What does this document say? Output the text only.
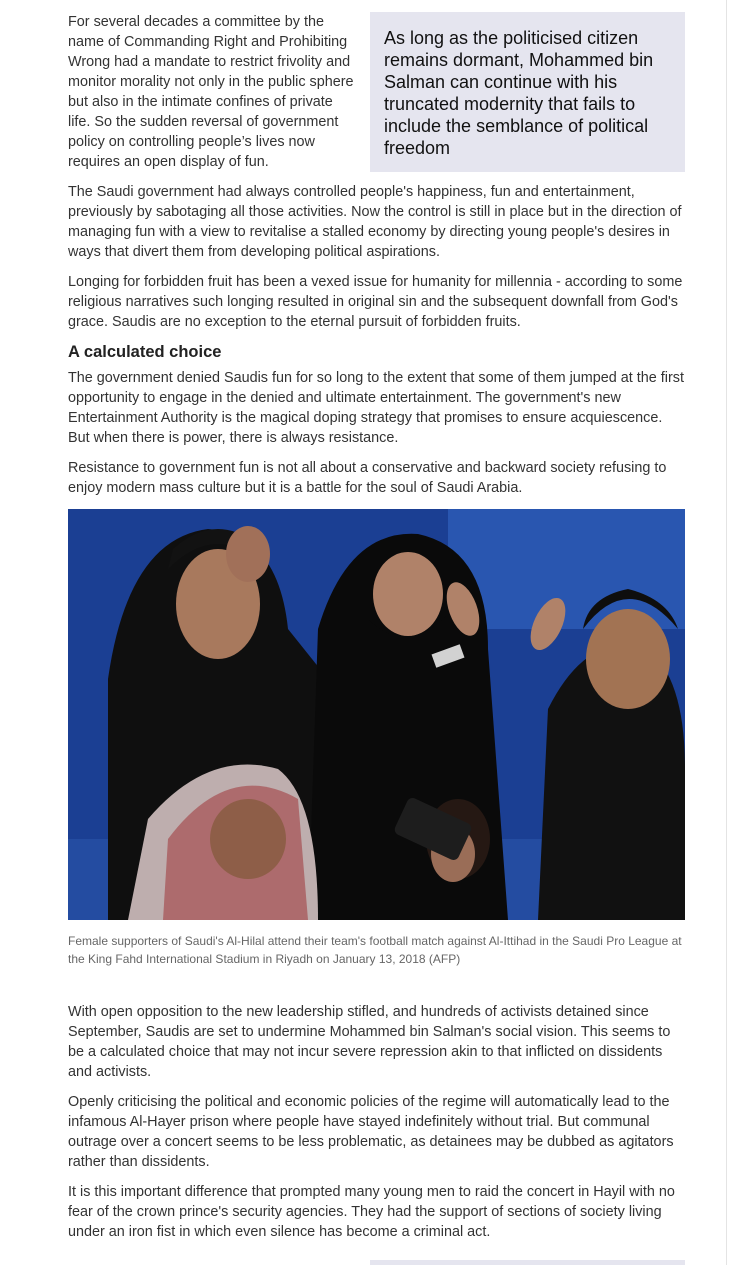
As long as the politicised citizen remains dormant, Mohammed bin Salman can continue with his truncated modernity that fails to include the semblance of political freedom

For several decades a committee by the name of Commanding Right and Prohibiting Wrong had a mandate to restrict frivolity and monitor morality not only in the public sphere but also in the intimate confines of private life. So the sudden reversal of government policy on controlling people’s lives now requires an open display of fun.

The Saudi government had always controlled people's happiness, fun and entertainment, previously by sabotaging all those activities. Now the control is still in place but in the direction of managing fun with a view to revitalise a stalled economy by directing young people's desires in ways that divert them from developing political aspirations.

Longing for forbidden fruit has been a vexed issue for humanity for millennia - according to some religious narratives such longing resulted in original sin and the subsequent downfall from God's grace. Saudis are no exception to the eternal pursuit of forbidden fruits.

A calculated choice

The government denied Saudis fun for so long to the extent that some of them jumped at the first opportunity to engage in the denied and ultimate entertainment. The government's new Entertainment Authority is the magical doping strategy that promises to ensure acquiescence. But when there is power, there is always resistance.

Resistance to government fun is not all about a conservative and backward society refusing to enjoy modern mass culture but it is a battle for the soul of Saudi Arabia.

Female supporters of Saudi's Al-Hilal attend their team's football match against Al-Ittihad in the Saudi Pro League at the King Fahd International Stadium in Riyadh on January 13, 2018 (AFP)

With open opposition to the new leadership stifled, and hundreds of activists detained since September, Saudis are set to undermine Mohammed bin Salman's social vision. This seems to be a calculated choice that may not incur severe repression akin to that inflicted on dissidents and activists.

Openly criticising the political and economic policies of the regime will automatically lead to the infamous Al-Hayer prison where people have stayed indefinitely without trial. But communal outrage over a concert seems to be less problematic, as detainees may be dubbed as agitators rather than dissidents.

It is this important difference that prompted many young men to raid the concert in Hayil with no fear of the crown prince's security agencies. They had the support of sections of society living under an iron fist in which even silence has become a criminal act.
